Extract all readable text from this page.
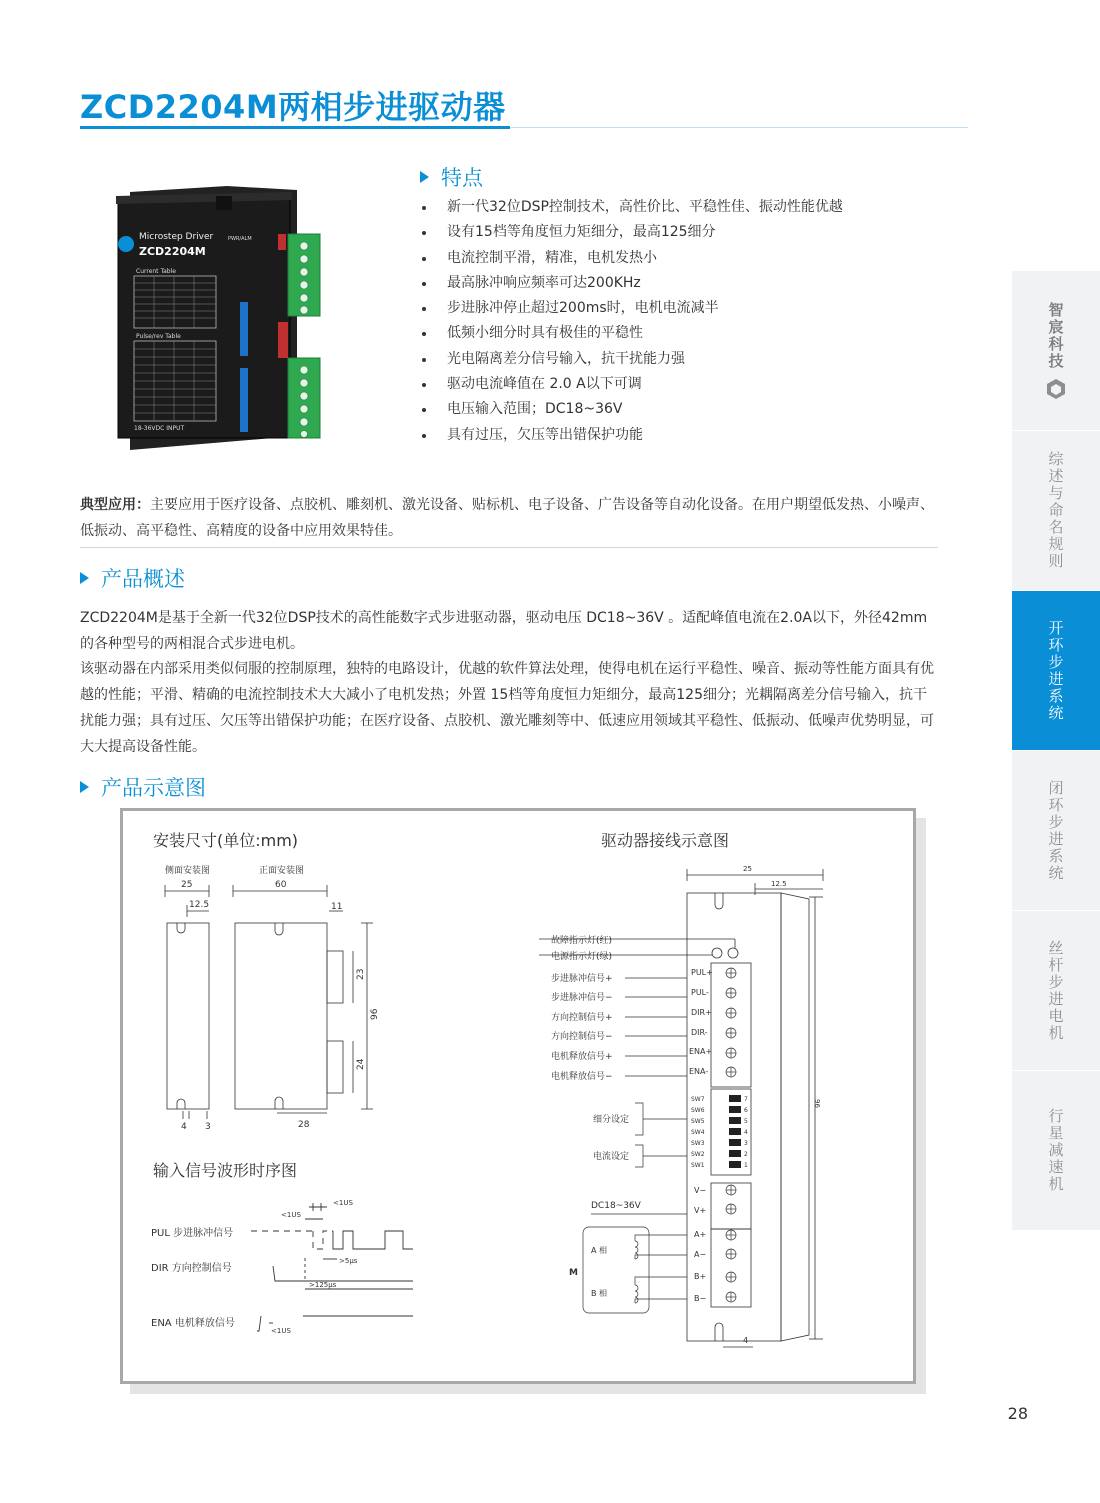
ZCD2204M两相步进驱动器
Microstep Driver
ZCD2204M
Current Table
Pulse/rev Table
18-36VDC INPUT
PWR/ALM
特点
新一代32位DSP控制技术，高性价比、平稳性佳、振动性能优越
设有15档等角度恒力矩细分，最高125细分
电流控制平滑，精准，电机发热小
最高脉冲响应频率可达200KHz
步进脉冲停止超过200ms时，电机电流减半
低频小细分时具有极佳的平稳性
光电隔离差分信号输入，抗干扰能力强
驱动电流峰值在 2.0 A以下可调
电压输入范围；DC18~36V
具有过压，欠压等出错保护功能

典型应用：主要应用于医疗设备、点胶机、雕刻机、激光设备、贴标机、电子设备、广告设备等自动化设备。在用户期望低发热、小噪声、低振动、高平稳性、高精度的设备中应用效果特佳。

产品概述

ZCD2204M是基于全新一代32位DSP技术的高性能数字式步进驱动器，驱动电压 DC18~36V 。适配峰值电流在2.0A以下，外径42mm的各种型号的两相混合式步进电机。

该驱动器在内部采用类似伺服的控制原理，独特的电路设计，优越的软件算法处理，使得电机在运行平稳性、噪音、振动等性能方面具有优越的性能；平滑、精确的电流控制技术大大减小了电机发热；外置 15档等角度恒力矩细分，最高125细分；光耦隔离差分信号输入，抗干扰能力强；具有过压、欠压等出错保护功能；在医疗设备、点胶机、激光雕刻等中、低速应用领域其平稳性、低振动、低噪声优势明显，可大大提高设备性能。

产品示意图
安装尺寸(单位:mm)
侧面安装图	正面安装图
25
12.5
4 3
60
11
23
96
24
28
输入信号波形时序图
PUL 步进脉冲信号
DIR 方向控制信号
ENA 电机释放信号
<1US
<1US
>5μs
>125μs
<1US
驱动器接线示意图
25
12.5
96
4
故障指示灯(红)
电源指示灯(绿)
步进脉冲信号+
PUL+
步进脉冲信号−
PUL-
方向控制信号+
DIR+
方向控制信号−	DIR-
电机释放信号+
ENA+
电机释放信号−
ENA-
SW7
SW6
SW5
SW4
SW3
SW2
SW1
7
6
5
4
3
2
1
细分设定
电流设定
DC18~36V
V−
V+
M
A 相
B 相
A+
A−
B+
B−
智宸科技
综述与命名规则
开环步进系统
闭环步进系统
丝杆步进电机
行星减速机
28
